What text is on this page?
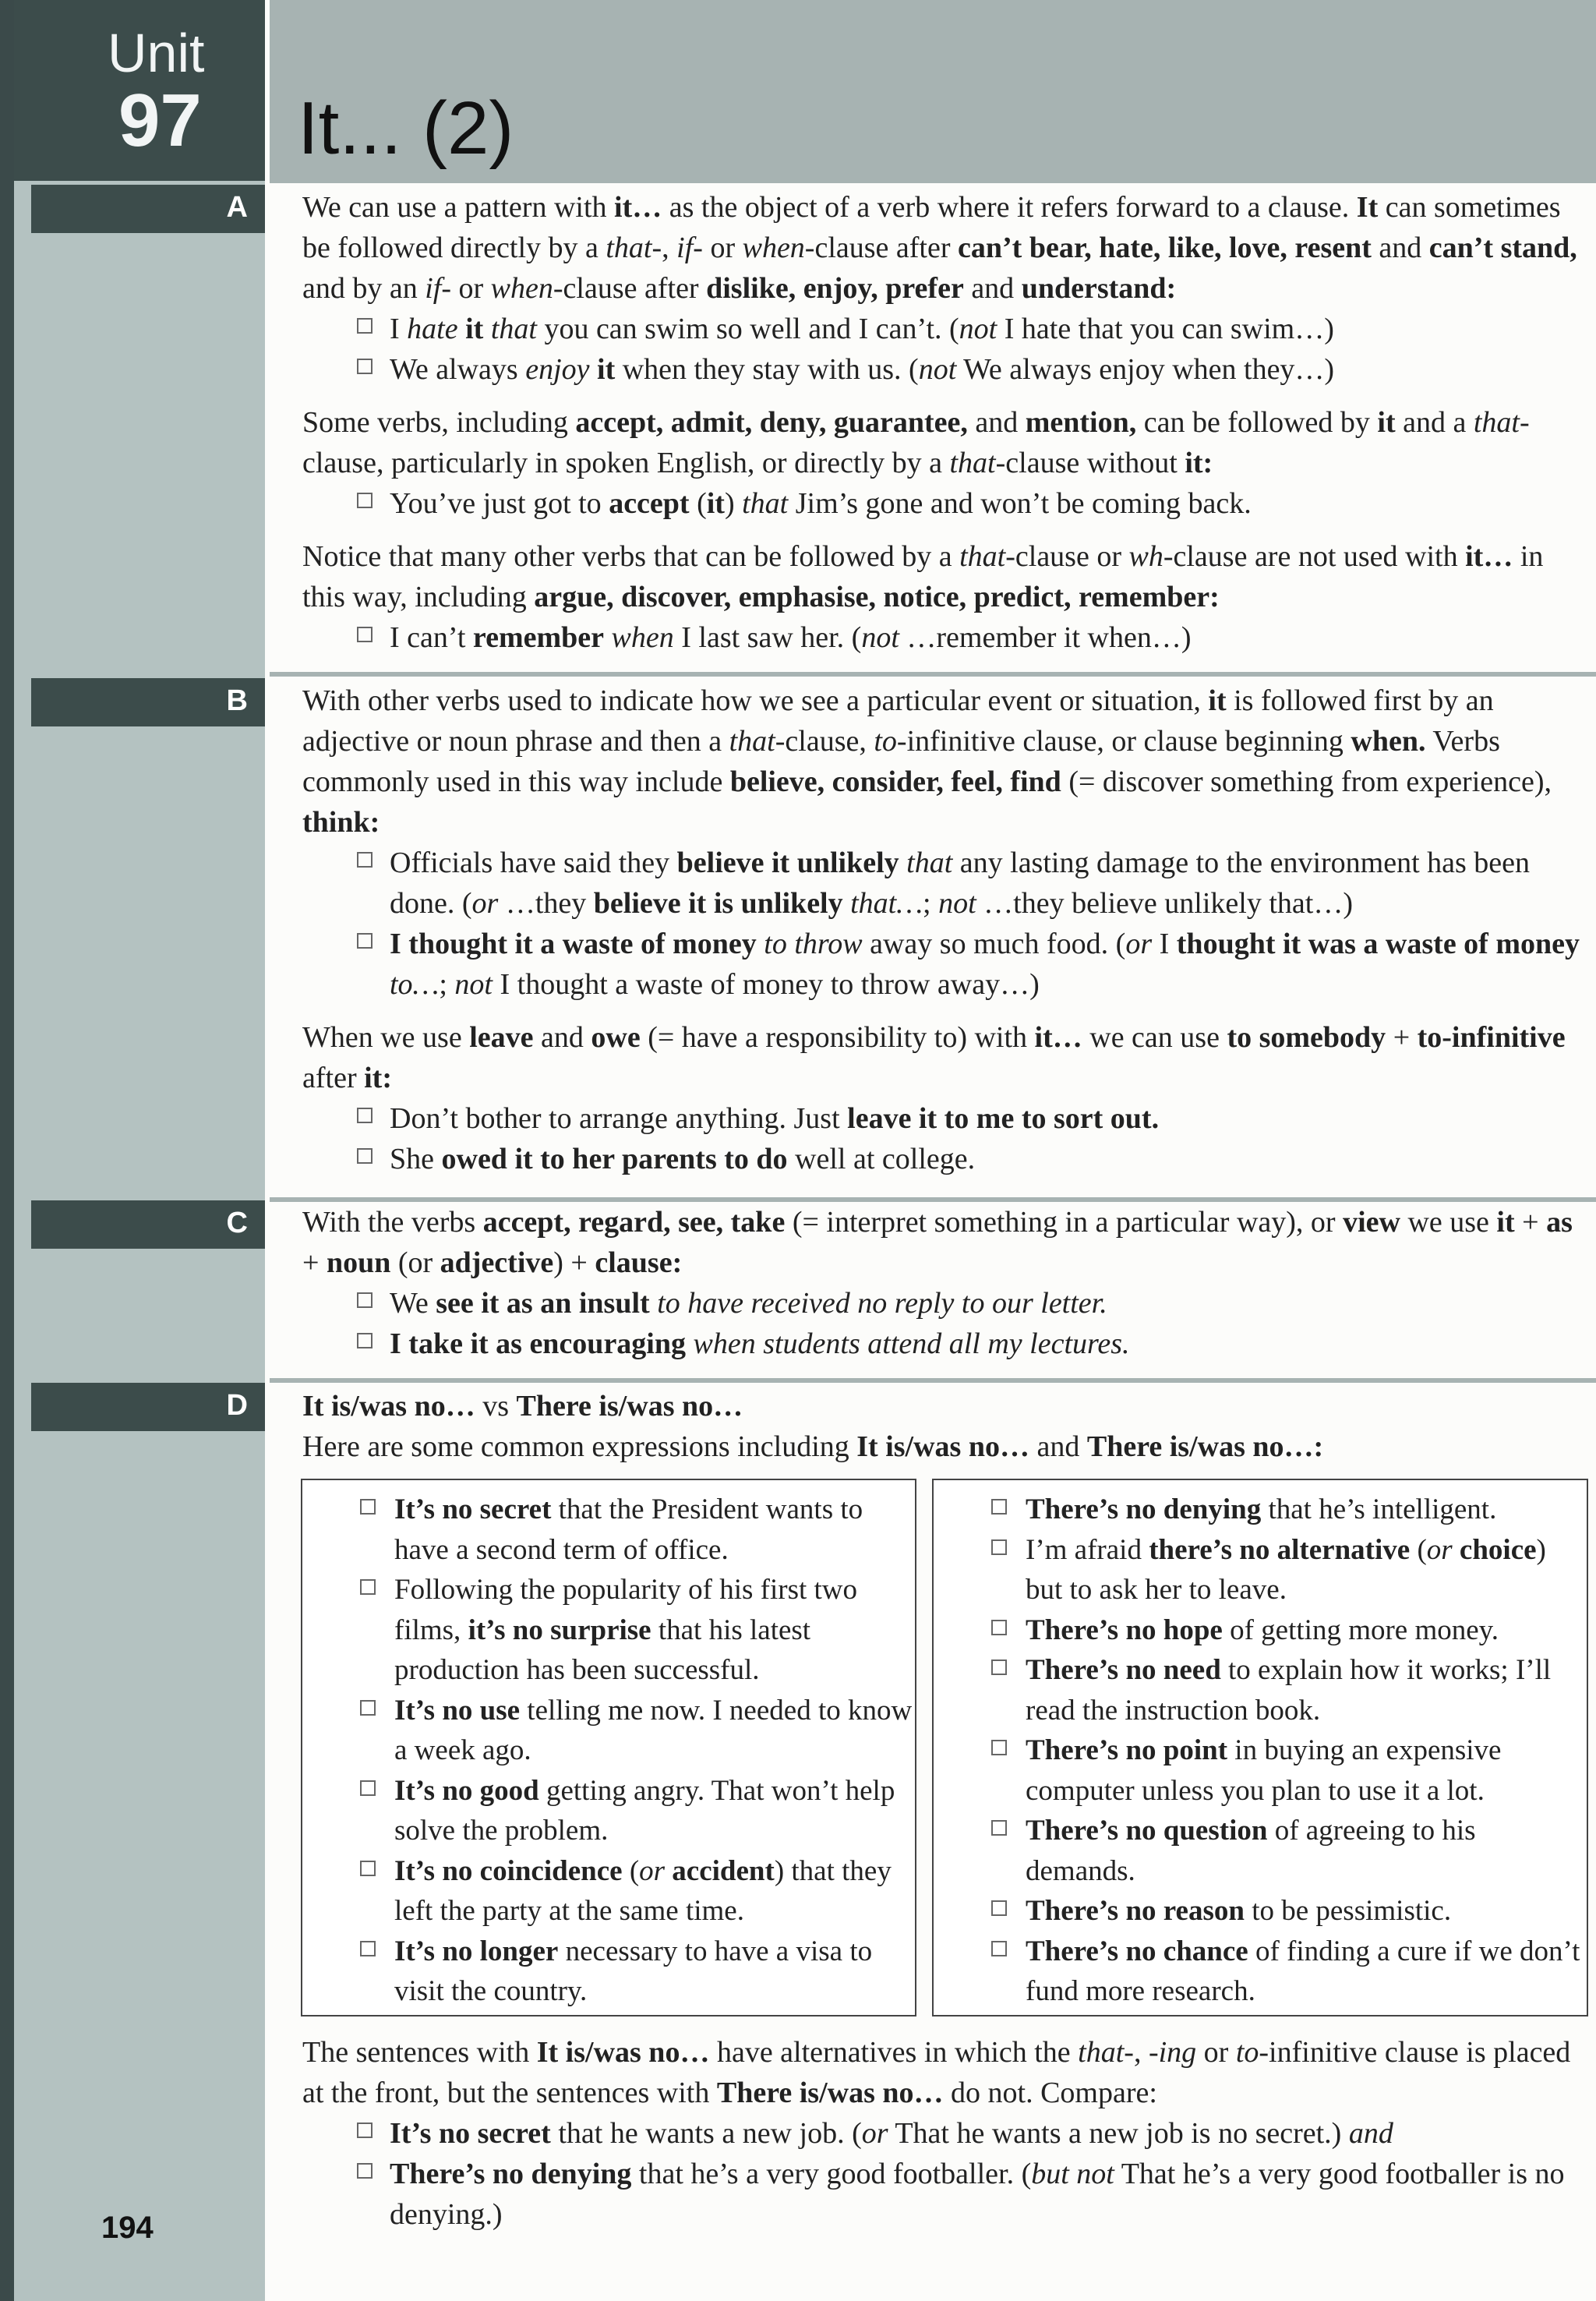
Unit
97 It... (2)
A
B
C
D

We can use a pattern with it… as the object of a verb where it refers forward to a clause. It can sometimes be followed directly by a that-, if- or when-clause after can’t bear, hate, like, love, resent and can’t stand, and by an if- or when-clause after dislike, enjoy, prefer and understand:

I hate it that you can swim so well and I can’t. (not I hate that you can swim…)

We always enjoy it when they stay with us. (not We always enjoy when they…)

Some verbs, including accept, admit, deny, guarantee, and mention, can be followed by it and a that-clause, particularly in spoken English, or directly by a that-clause without it:

You’ve just got to accept (it) that Jim’s gone and won’t be coming back.

Notice that many other verbs that can be followed by a that-clause or wh-clause are not used with it… in this way, including argue, discover, emphasise, notice, predict, remember:

I can’t remember when I last saw her. (not …remember it when…)

With other verbs used to indicate how we see a particular event or situation, it is followed first by an adjective or noun phrase and then a that-clause, to-infinitive clause, or clause beginning when. Verbs commonly used in this way include believe, consider, feel, find (= discover something from experience), think:

Officials have said they believe it unlikely that any lasting damage to the environment has been done. (or …they believe it is unlikely that…; not …they believe unlikely that…)

I thought it a waste of money to throw away so much food. (or I thought it was a waste of money to…; not I thought a waste of money to throw away…)

When we use leave and owe (= have a responsibility to) with it… we can use to somebody + to-infinitive after it:

Don’t bother to arrange anything. Just leave it to me to sort out.

She owed it to her parents to do well at college.

With the verbs accept, regard, see, take (= interpret something in a particular way), or view we use it + as + noun (or adjective) + clause:

We see it as an insult to have received no reply to our letter.

I take it as encouraging when students attend all my lectures.

It is/was no… vs There is/was no…

Here are some common expressions including It is/was no… and There is/was no…:

It’s no secret that the President wants to have a second term of office.

Following the popularity of his first two films, it’s no surprise that his latest production has been successful.

It’s no use telling me now. I needed to know a week ago.

It’s no good getting angry. That won’t help solve the problem.

It’s no coincidence (or accident) that they left the party at the same time.

It’s no longer necessary to have a visa to visit the country.

There’s no denying that he’s intelligent.

I’m afraid there’s no alternative (or choice) but to ask her to leave.

There’s no hope of getting more money.

There’s no need to explain how it works; I’ll read the instruction book.

There’s no point in buying an expensive computer unless you plan to use it a lot.

There’s no question of agreeing to his demands.

There’s no reason to be pessimistic.

There’s no chance of finding a cure if we don’t fund more research.

The sentences with It is/was no… have alternatives in which the that-, -ing or to-infinitive clause is placed at the front, but the sentences with There is/was no… do not. Compare:

It’s no secret that he wants a new job. (or That he wants a new job is no secret.) and

There’s no denying that he’s a very good footballer. (but not That he’s a very good footballer is no denying.)

194
